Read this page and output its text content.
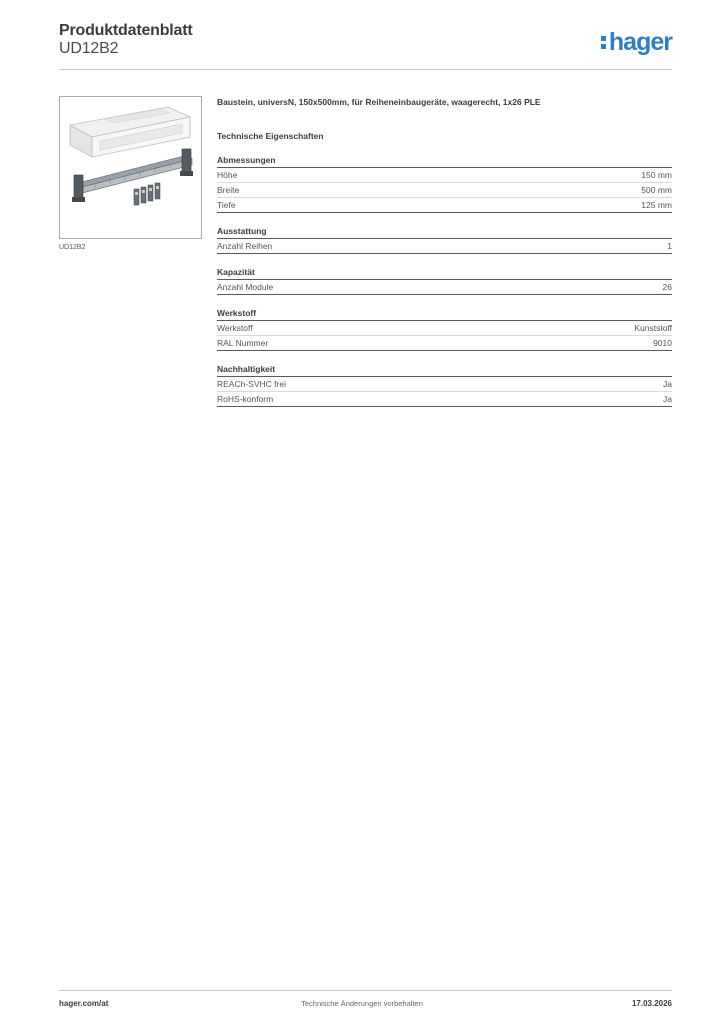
Produktdatenblatt
UD12B2	hager
UD12B2
Baustein, universN, 150x500mm, für Reiheneinbaugeräte, waagerecht, 1x26 PLE
Technische Eigenschaften
Abmessungen
Höhe	150 mm
Breite	500 mm
Tiefe	125 mm
Ausstattung
Anzahl Reihen	1
Kapazität
Anzahl Module	26
Werkstoff
Werkstoff	Kunststoff
RAL Nummer	9010
Nachhaltigkeit
REACh-SVHC frei	Ja
RoHS-konform	Ja
hager.com/at	Technische Änderungen vorbehalten	17.03.2026
